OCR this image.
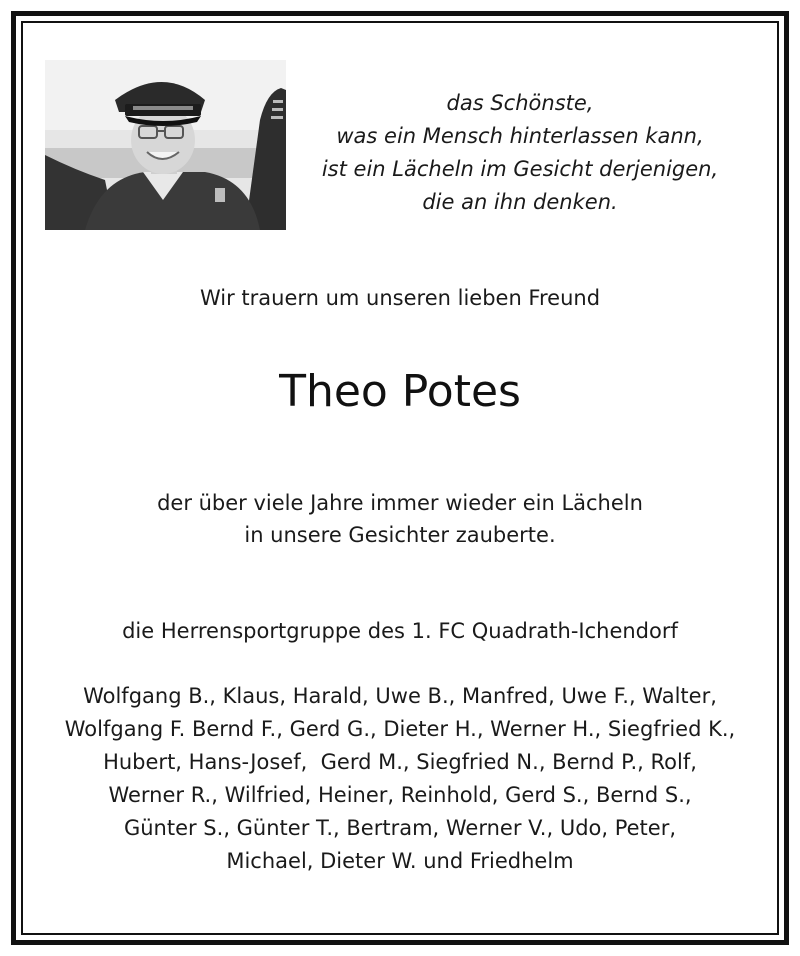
das Schönste,
was ein Mensch hinterlassen kann,
ist ein Lächeln im Gesicht derjenigen,
die an ihn denken.
Wir trauern um unseren lieben Freund
Theo Potes
der über viele Jahre immer wieder ein Lächeln
in unsere Gesichter zauberte.
die Herrensportgruppe des 1. FC Quadrath-Ichendorf
Wolfgang B., Klaus, Harald, Uwe B., Manfred, Uwe F., Walter,
Wolfgang F. Bernd F., Gerd G., Dieter H., Werner H., Siegfried K.,
Hubert, Hans-Josef,  Gerd M., Siegfried N., Bernd P., Rolf,
Werner R., Wilfried, Heiner, Reinhold, Gerd S., Bernd S.,
Günter S., Günter T., Bertram, Werner V., Udo, Peter,
Michael, Dieter W. und Friedhelm
